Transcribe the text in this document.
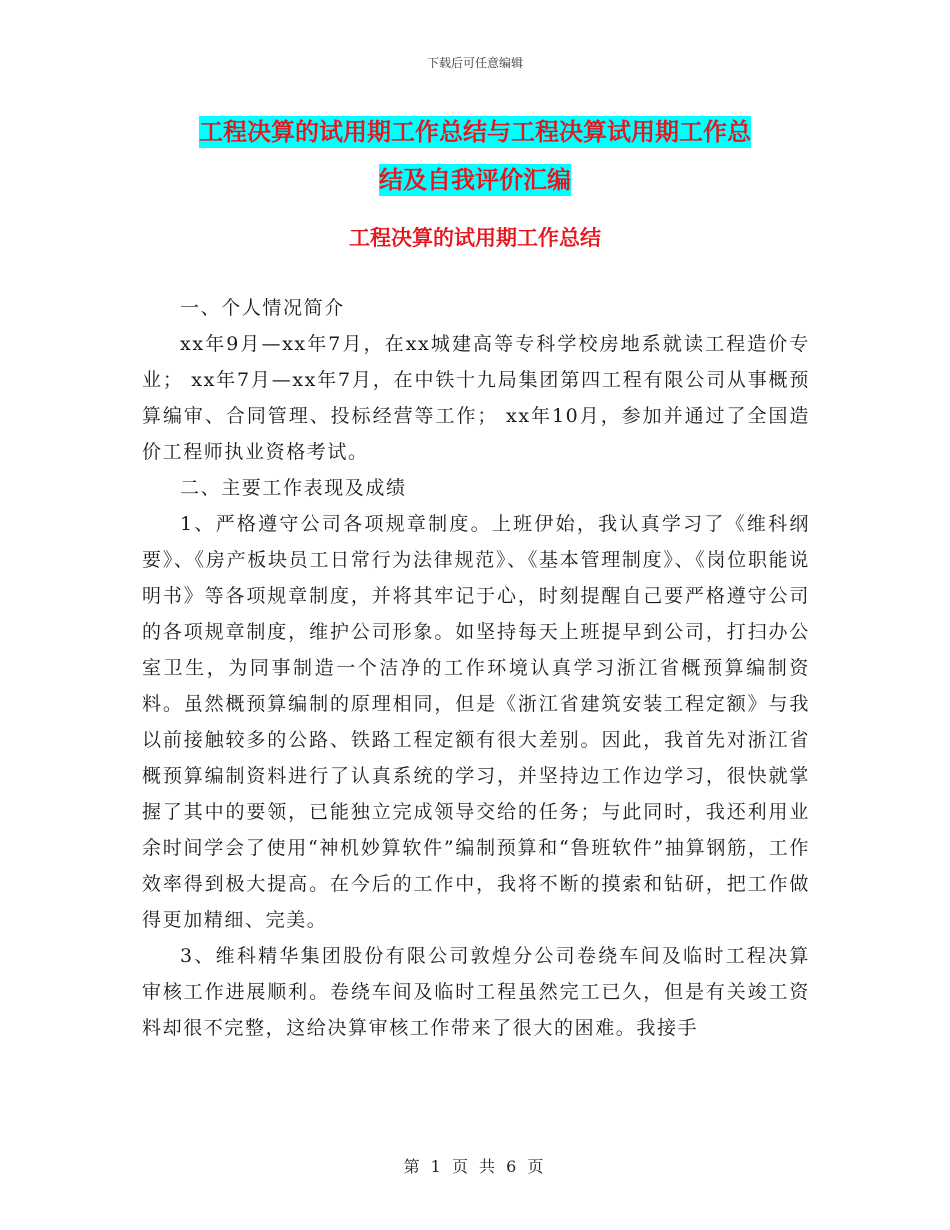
下载后可任意编辑
工程决算的试用期工作总结与工程决算试用期工作总
结及自我评价汇编
工程决算的试用期工作总结

一、个人情况简介

xx年9月—xx年7月，在xx城建高等专科学校房地系就读工程造价专业； xx年7月—xx年7月，在中铁十九局集团第四工程有限公司从事概预算编审、合同管理、投标经营等工作； xx年10月，参加并通过了全国造价工程师执业资格考试。

二、主要工作表现及成绩

1、严格遵守公司各项规章制度。上班伊始，我认真学习了《维科纲要》、《房产板块员工日常行为法律规范》、《基本管理制度》、《岗位职能说明书》等各项规章制度，并将其牢记于心，时刻提醒自己要严格遵守公司的各项规章制度，维护公司形象。如坚持每天上班提早到公司，打扫办公室卫生，为同事制造一个洁净的工作环境认真学习浙江省概预算编制资料。虽然概预算编制的原理相同，但是《浙江省建筑安装工程定额》与我以前接触较多的公路、铁路工程定额有很大差别。因此，我首先对浙江省概预算编制资料进行了认真系统的学习，并坚持边工作边学习，很快就掌握了其中的要领，已能独立完成领导交给的任务；与此同时，我还利用业余时间学会了使用“神机妙算软件”编制预算和“鲁班软件”抽算钢筋，工作效率得到极大提高。在今后的工作中，我将不断的摸索和钻研，把工作做得更加精细、完美。

3、维科精华集团股份有限公司敦煌分公司卷绕车间及临时工程决算审核工作进展顺利。卷绕车间及临时工程虽然完工已久，但是有关竣工资料却很不完整，这给决算审核工作带来了很大的困难。我接手

第 1 页 共 6 页
